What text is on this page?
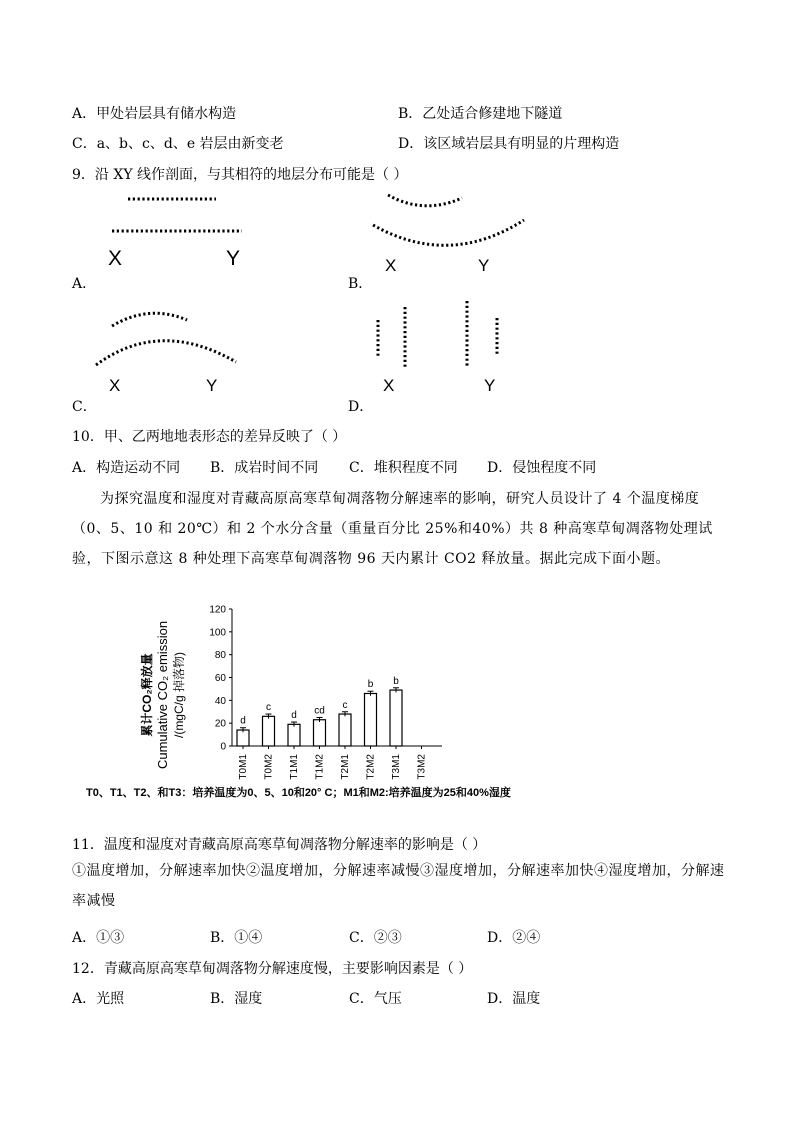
A．甲处岩层具有储水构造	B．乙处适合修建地下隧道
C．a、b、c、d、e 岩层由新变老	D．该区域岩层具有明显的片理构造
9．沿 XY 线作剖面，与其相符的地层分布可能是（ ）
X	Y
A．
X	Y
B．
X	Y
C．
X	Y
D．
10．甲、乙两地地表形态的差异反映了（ ）
A．构造运动不同 B．成岩时间不同 C．堆积程度不同 D．侵蚀程度不同
为探究温度和湿度对青藏高原高寒草甸凋落物分解速率的影响，研究人员设计了 4 个温度梯度（0、5、10 和 20℃）和 2 个水分含量（重量百分比 25%和40%）共 8 种高寒草甸凋落物处理试验，下图示意这 8 种处理下高寒草甸凋落物 96 天内累计 CO2 释放量。据此完成下面小题。
0
20
40
60
80
100
120
d
T0M1
c
T0M2
d
T1M1
cd
T1M2
c
T2M1
b
T2M2
b
T3M1 T3M2
累计CO₂释放量 Cumulative CO₂ emission /(mgC/g 掉落物)
T0、T1、T2、和T3：培养温度为0、5、10和20° C；M1和M2:培养温度为25和40%湿度
11．温度和湿度对青藏高原高寒草甸凋落物分解速率的影响是（ ）
①温度增加，分解速率加快②温度增加，分解速率减慢③湿度增加，分解速率加快④湿度增加，分解速率减慢
A．①③	B．①④	C．②③	D．②④
12．青藏高原高寒草甸凋落物分解速度慢，主要影响因素是（ ）
A．光照	B．湿度	C．气压	D．温度
